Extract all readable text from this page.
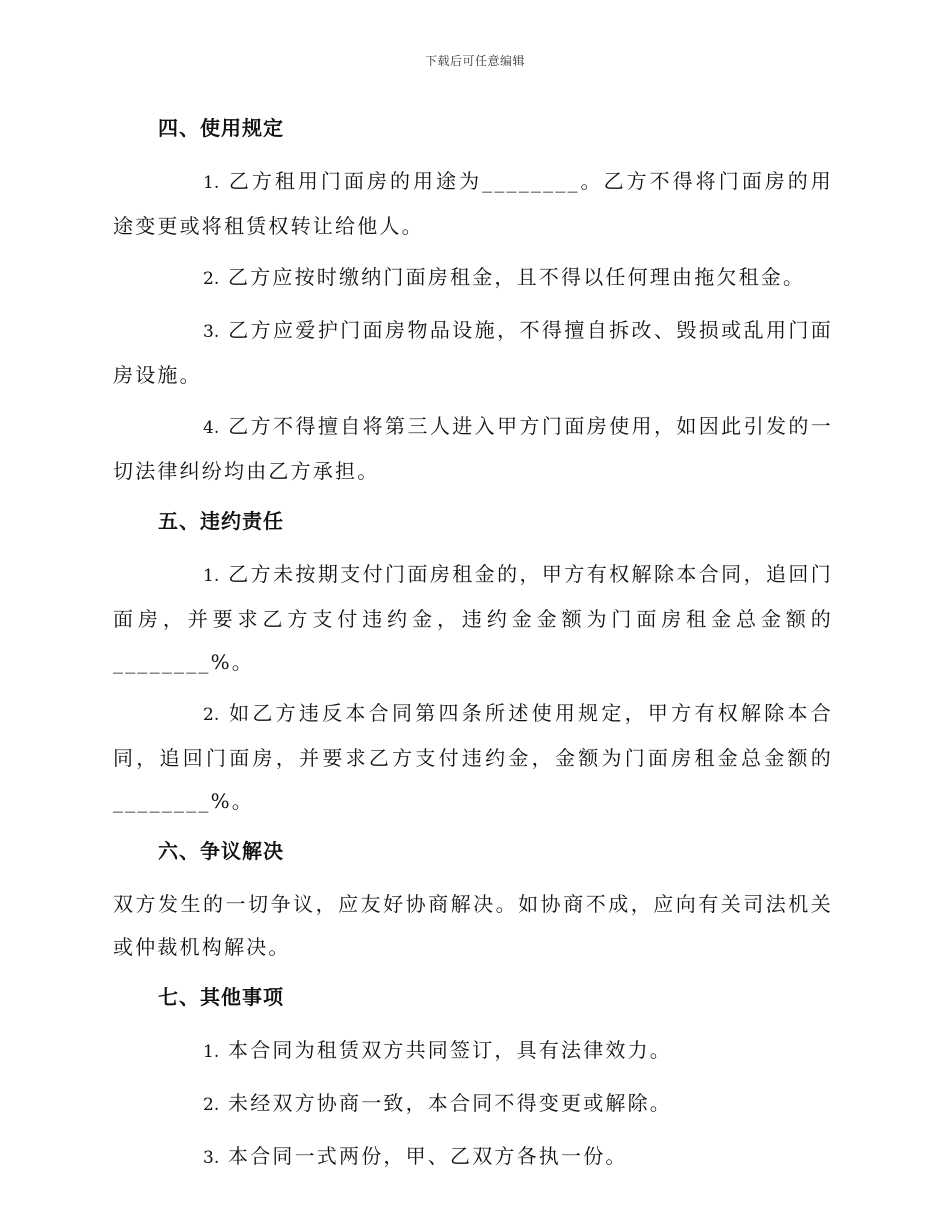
下载后可任意编辑
四、使用规定

1. 乙方租用门面房的用途为________。乙方不得将门面房的用途变更或将租赁权转让给他人。

2. 乙方应按时缴纳门面房租金，且不得以任何理由拖欠租金。

3. 乙方应爱护门面房物品设施，不得擅自拆改、毁损或乱用门面房设施。

4. 乙方不得擅自将第三人进入甲方门面房使用，如因此引发的一切法律纠纷均由乙方承担。

五、违约责任

1. 乙方未按期支付门面房租金的，甲方有权解除本合同，追回门面房，并要求乙方支付违约金，违约金金额为门面房租金总金额的________%。

2. 如乙方违反本合同第四条所述使用规定，甲方有权解除本合同，追回门面房，并要求乙方支付违约金，金额为门面房租金总金额的________%。

六、争议解决

双方发生的一切争议，应友好协商解决。如协商不成，应向有关司法机关或仲裁机构解决。

七、其他事项

1. 本合同为租赁双方共同签订，具有法律效力。

2. 未经双方协商一致，本合同不得变更或解除。

3. 本合同一式两份，甲、乙双方各执一份。
